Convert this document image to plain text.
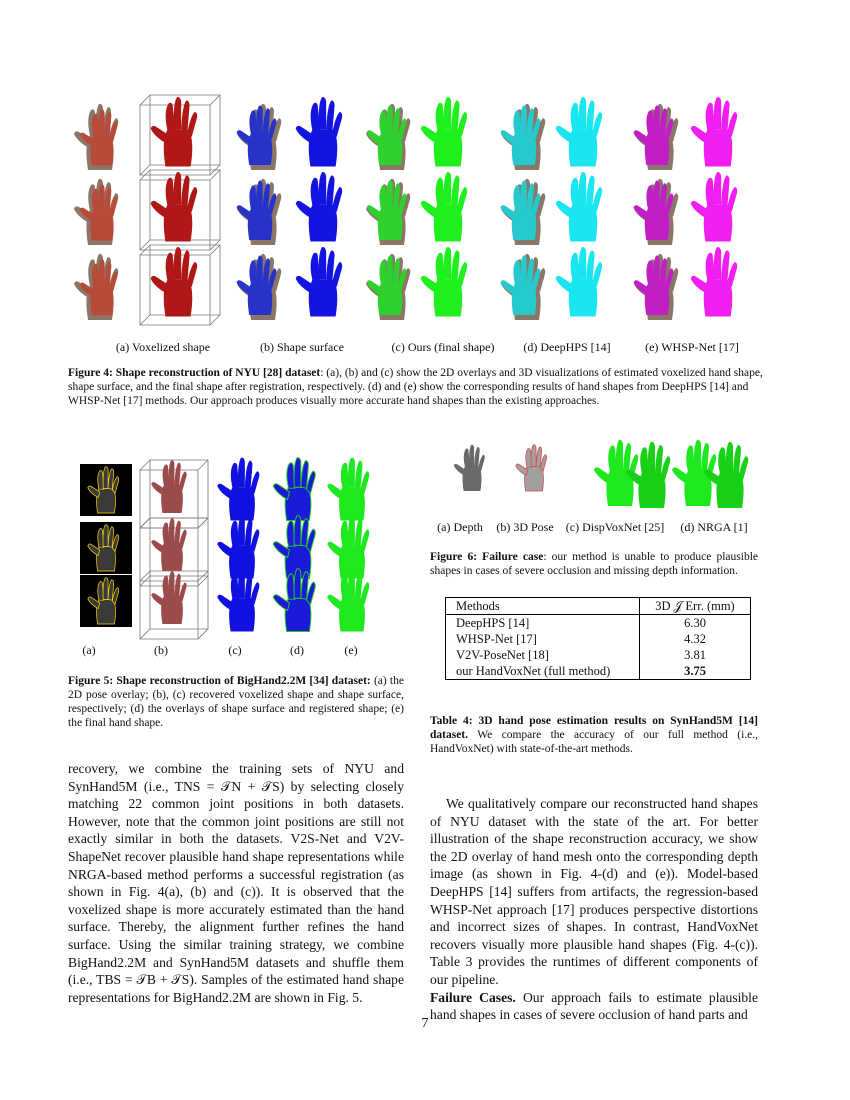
(a) Voxelized shape	(b) Shape surface	(c) Ours (final shape)	(d) DeepHPS [14]	(e) WHSP-Net [17]
Figure 4: Shape reconstruction of NYU [28] dataset: (a), (b) and (c) show the 2D overlays and 3D visualizations of estimated voxelized hand shape, shape surface, and the final shape after registration, respectively. (d) and (e) show the corresponding results of hand shapes from DeepHPS [14] and WHSP-Net [17] methods. Our approach produces visually more accurate hand shapes than the existing approaches.
(a)	(b)	(c)	(d)	(e)
Figure 5: Shape reconstruction of BigHand2.2M [34] dataset: (a) the 2D pose overlay; (b), (c) recovered voxelized shape and shape surface, respectively; (d) the overlays of shape surface and registered shape; (e) the final hand shape.
(a) Depth	(b) 3D Pose	(c) DispVoxNet [25]	(d) NRGA [1]
Figure 6: Failure case: our method is unable to produce plausible shapes in cases of severe occlusion and missing depth information.
Methods	3D 𝒥 Err. (mm)
DeepHPS [14]	6.30
WHSP-Net [17]	4.32
V2V-PoseNet [18]	3.81
our HandVoxNet (full method)	3.75
Table 4: 3D hand pose estimation results on SynHand5M [14] dataset. We compare the accuracy of our full method (i.e., HandVoxNet) with state-of-the-art methods.

recovery, we combine the training sets of NYU and SynHand5M (i.e., TNS = 𝒯N + 𝒯S) by selecting closely matching 22 common joint positions in both datasets. However, note that the common joint positions are still not exactly similar in both the datasets. V2S-Net and V2V-ShapeNet recover plausible hand shape representations while NRGA-based method performs a successful registration (as shown in Fig. 4(a), (b) and (c)). It is observed that the voxelized shape is more accurately estimated than the hand surface. Thereby, the alignment further refines the hand surface. Using the similar training strategy, we combine BigHand2.2M and SynHand5M datasets and shuffle them (i.e., TBS = 𝒯B + 𝒯S). Samples of the estimated hand shape representations for BigHand2.2M are shown in Fig. 5.

We qualitatively compare our reconstructed hand shapes of NYU dataset with the state of the art. For better illustration of the shape reconstruction accuracy, we show the 2D overlay of hand mesh onto the corresponding depth image (as shown in Fig. 4-(d) and (e)). Model-based DeepHPS [14] suffers from artifacts, the regression-based WHSP-Net approach [17] produces perspective distortions and incorrect sizes of shapes. In contrast, HandVoxNet recovers visually more plausible hand shapes (Fig. 4-(c)). Table 3 provides the runtimes of different components of our pipeline.

Failure Cases. Our approach fails to estimate plausible hand shapes in cases of severe occlusion of hand parts and

7
